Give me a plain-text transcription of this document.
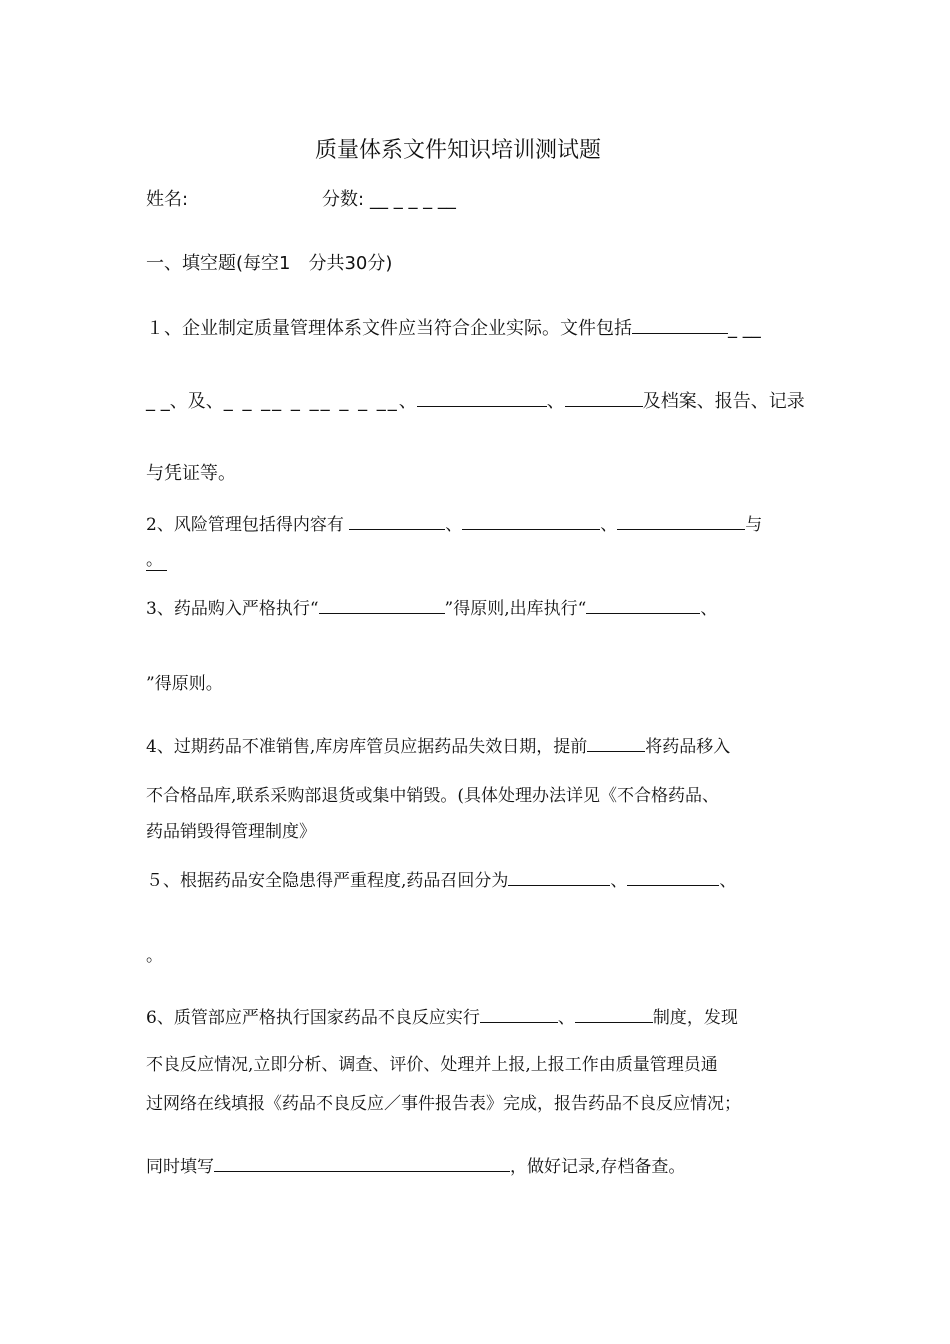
质量体系文件知识培训测试题
姓名:	分数: __ _ _ _ __
一、填空题(每空1　分共30分)
１、企业制定质量管理体系文件应当符合企业实际。文件包括	_ __
_ _、及、_ _ __ _ __ _ _ __、	、	及档案、报告、记录
与凭证等。
2、风险管理包括得内容有	、	、	与
。
3、药品购入严格执行“	”得原则,出库执行“	、
”得原则。
4、过期药品不准销售,库房库管员应据药品失效日期，提前	将药品移入
不合格品库,联系采购部退货或集中销毁。(具体处理办法详见《不合格药品、
药品销毁得管理制度》
５、根据药品安全隐患得严重程度,药品召回分为	、	、
。
6、质管部应严格执行国家药品不良反应实行	、	制度，发现
不良反应情况,立即分析、调查、评价、处理并上报,上报工作由质量管理员通
过网络在线填报《药品不良反应／事件报告表》完成，报告药品不良反应情况；
同时填写	，做好记录,存档备查。
